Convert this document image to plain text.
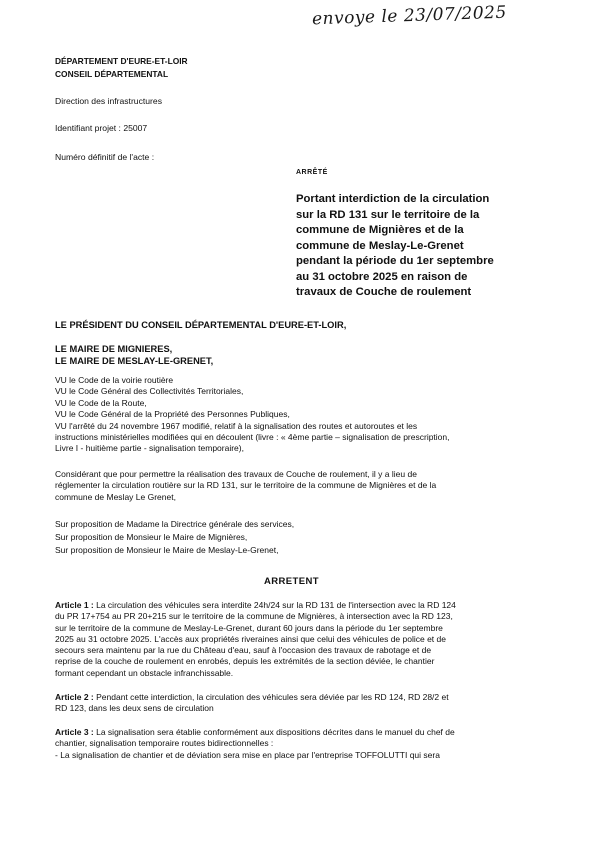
envoye le 23/07/2025
DÉPARTEMENT D'EURE-ET-LOIR
CONSEIL DÉPARTEMENTAL
Direction des infrastructures
Identifiant projet : 25007
Numéro définitif de l'acte :
ARRÊTÉ
Portant interdiction de la circulation
sur la RD 131 sur le territoire de la
commune de Mignières et de la
commune de Meslay-Le-Grenet
pendant la période du 1er septembre
au 31 octobre 2025 en raison de
travaux de Couche de roulement
LE PRÉSIDENT DU CONSEIL DÉPARTEMENTAL D'EURE-ET-LOIR,
LE MAIRE DE MIGNIERES,
LE MAIRE DE MESLAY-LE-GRENET,
VU le Code de la voirie routière
VU le Code Général des Collectivités Territoriales,
VU le Code de la Route,
VU le Code Général de la Propriété des Personnes Publiques,
VU l'arrêté du 24 novembre 1967 modifié, relatif à la signalisation des routes et autoroutes et les
instructions ministérielles modifiées qui en découlent (livre : « 4ème partie – signalisation de prescription,
Livre I - huitième partie - signalisation temporaire),
Considérant que pour permettre la réalisation des travaux de Couche de roulement, il y a lieu de
réglementer la circulation routière sur la RD 131, sur le territoire de la commune de Mignières et de la
commune de Meslay Le Grenet,
Sur proposition de Madame la Directrice générale des services,
Sur proposition de Monsieur le Maire de Mignières,
Sur proposition de Monsieur le Maire de Meslay-Le-Grenet,
ARRETENT
Article 1 : La circulation des véhicules sera interdite 24h/24 sur la RD 131 de l'intersection avec la RD 124
du PR 17+754 au PR 20+215 sur le territoire de la commune de Mignières, à intersection avec la RD 123,
sur le territoire de la commune de Meslay-Le-Grenet, durant 60 jours dans la période du 1er septembre
2025 au 31 octobre 2025. L'accès aux propriétés riveraines ainsi que celui des véhicules de police et de
secours sera maintenu par la rue du Château d'eau, sauf à l'occasion des travaux de rabotage et de
reprise de la couche de roulement en enrobés, depuis les extrémités de la section déviée, le chantier
formant cependant un obstacle infranchissable.
Article 2 : Pendant cette interdiction, la circulation des véhicules sera déviée par les RD 124, RD 28/2 et
RD 123, dans les deux sens de circulation
Article 3 : La signalisation sera établie conformément aux dispositions décrites dans le manuel du chef de
chantier, signalisation temporaire routes bidirectionnelles :
- La signalisation de chantier et de déviation sera mise en place par l'entreprise TOFFOLUTTI qui sera
